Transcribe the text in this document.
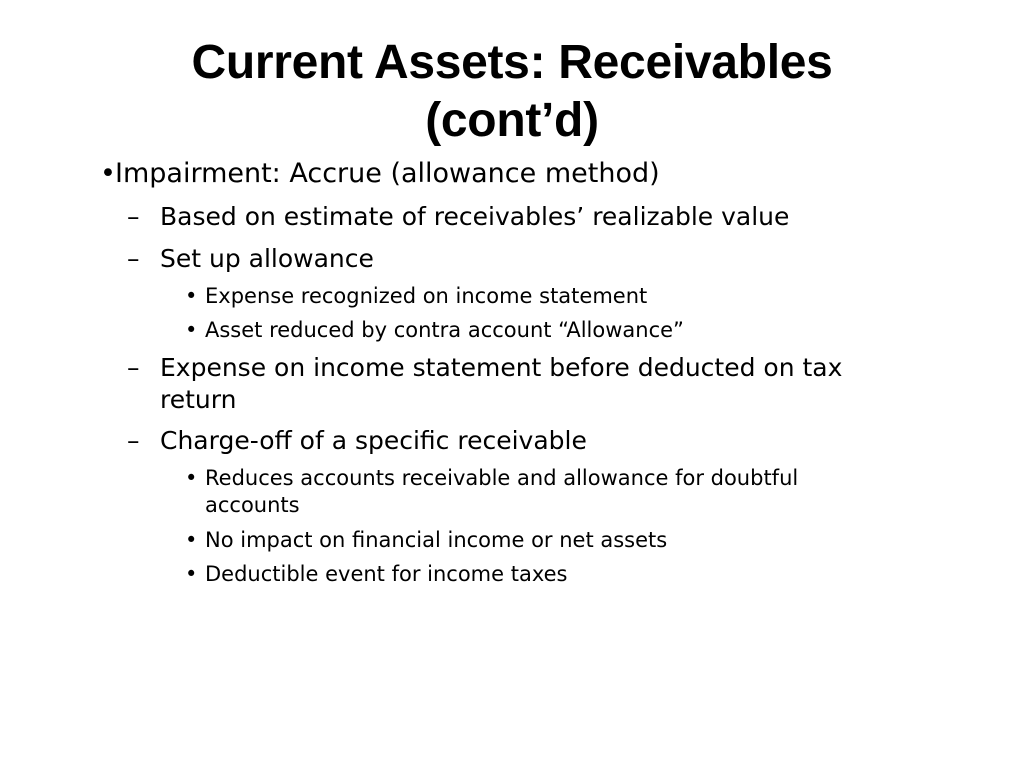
Current Assets: Receivables
(cont’d)
• Impairment: Accrue (allowance method)
– Based on estimate of receivables’ realizable value
– Set up allowance
• Expense recognized on income statement
• Asset reduced by contra account “Allowance”
– Expense on income statement before deducted on tax
return
– Charge-off of a specific receivable
• Reduces accounts receivable and allowance for doubtful
accounts
• No impact on financial income or net assets
• Deductible event for income taxes
